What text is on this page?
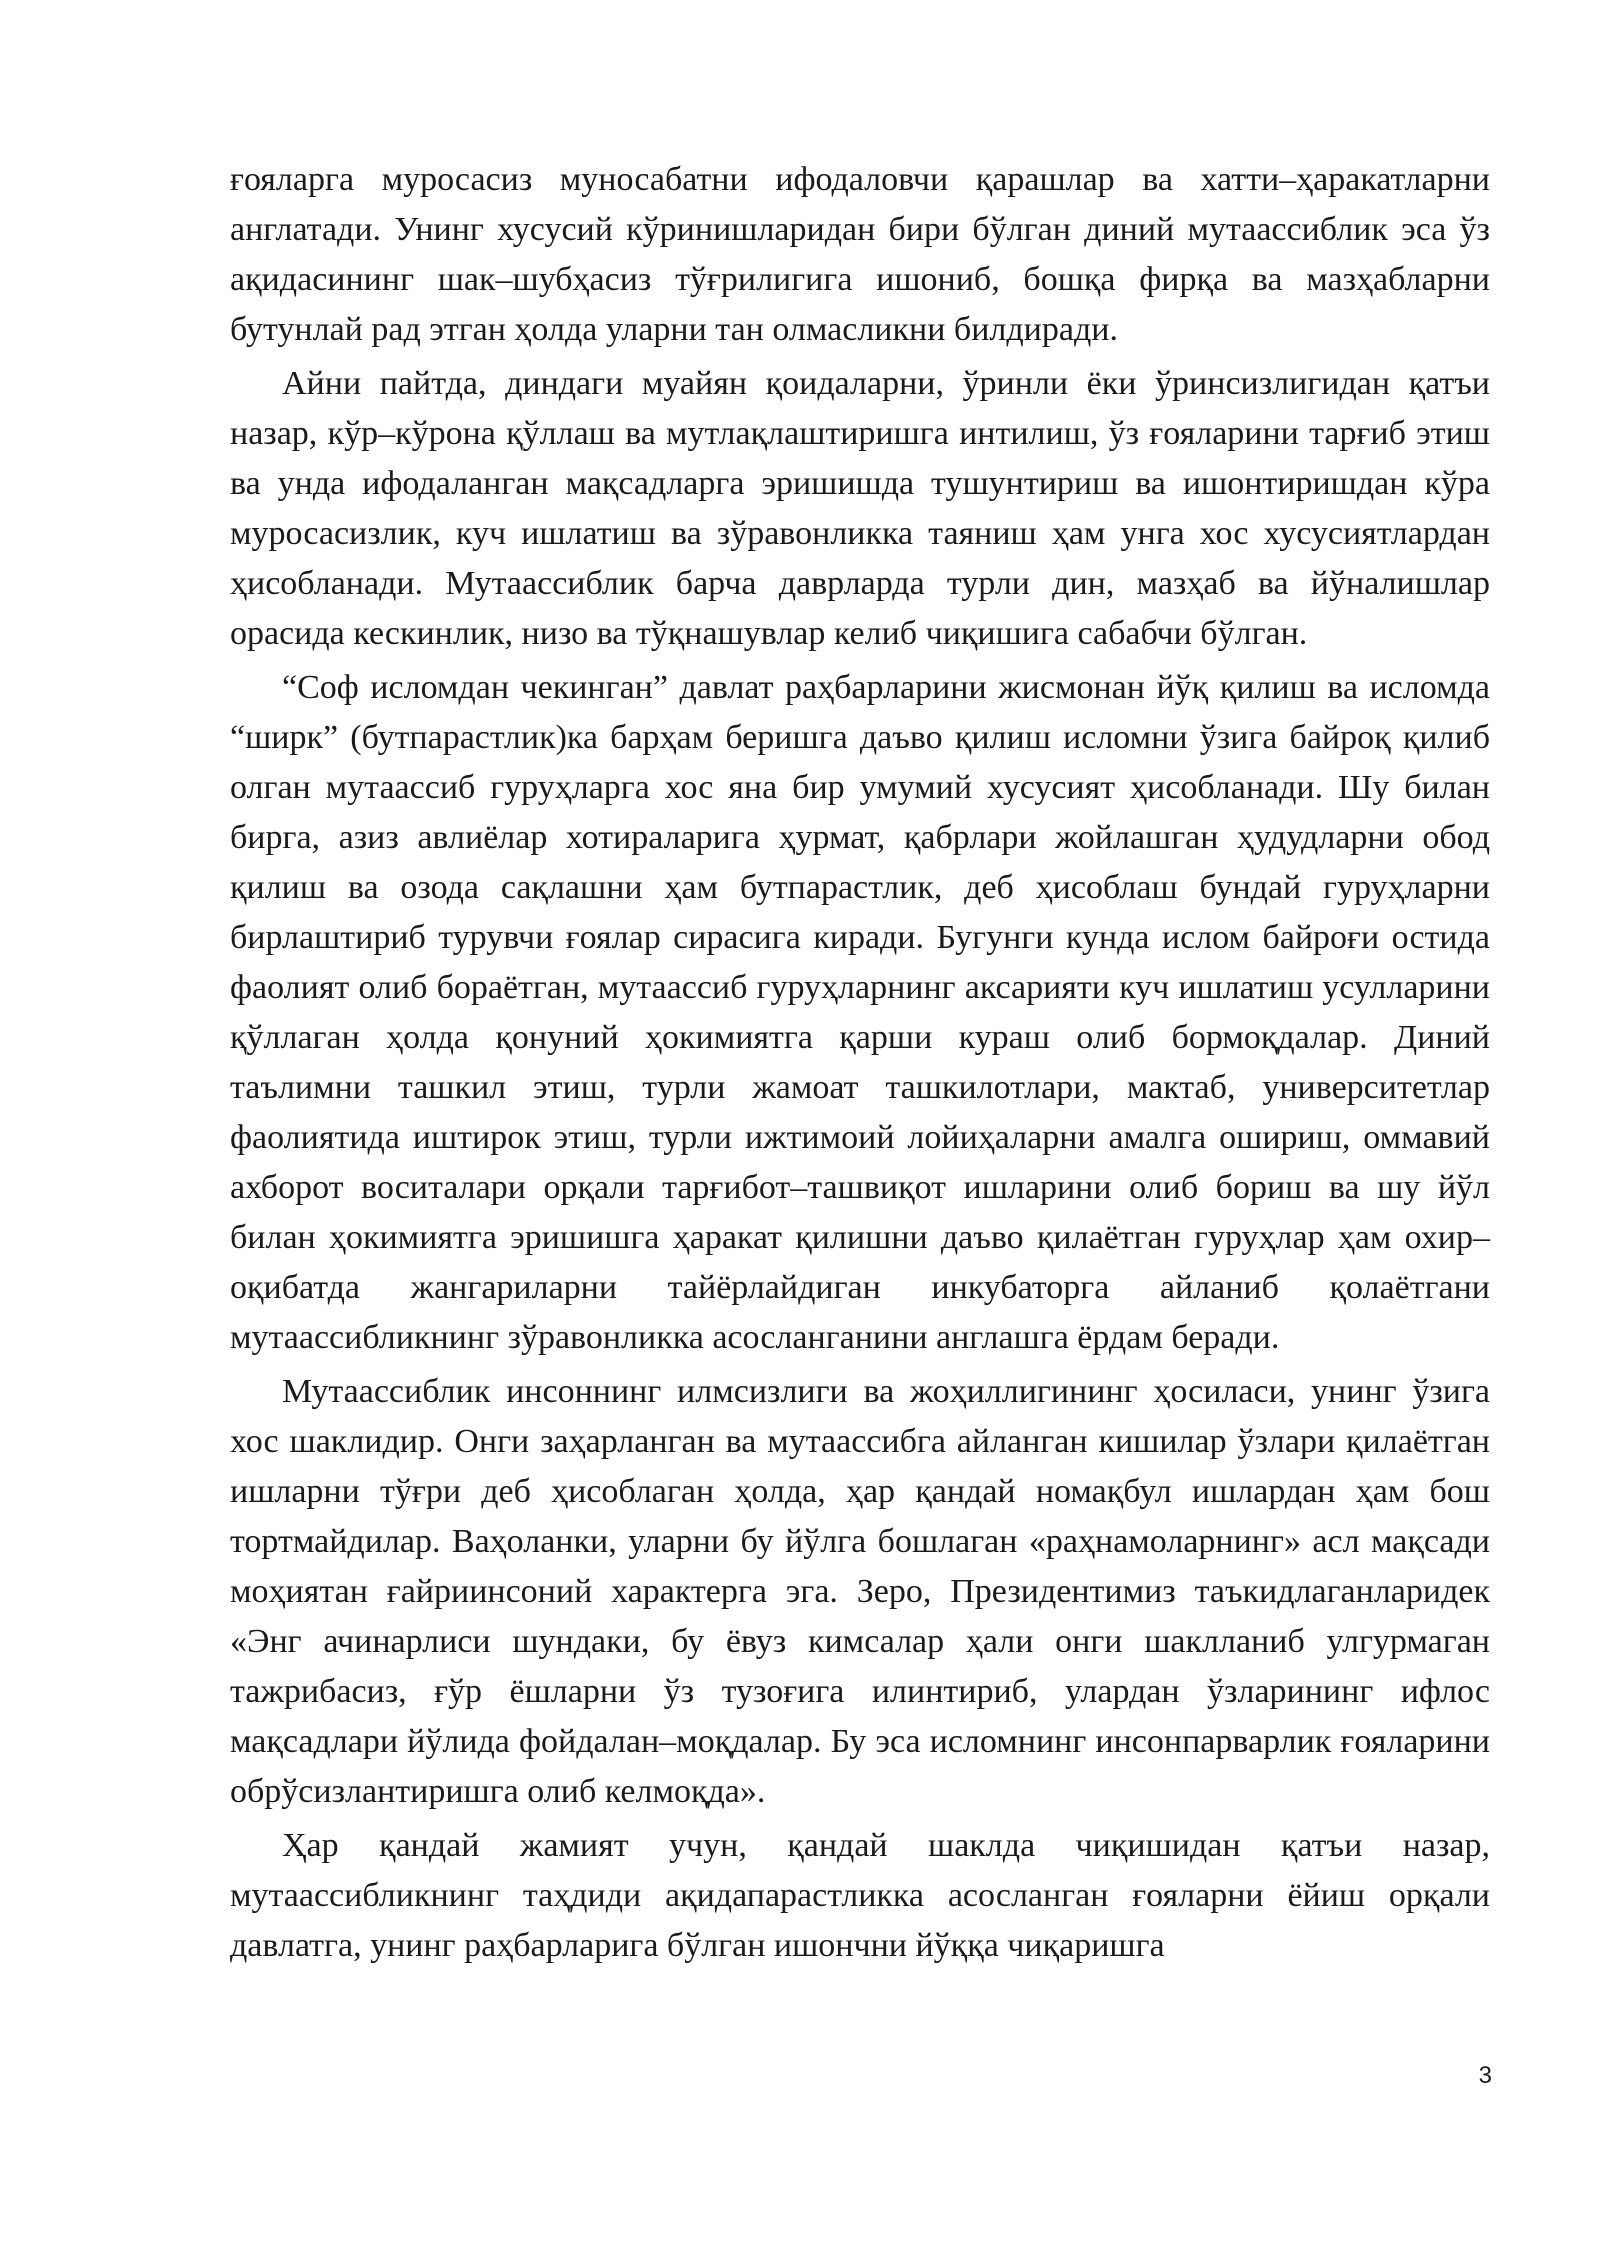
ғояларга муросасиз муносабатни ифодаловчи қарашлар ва хатти–ҳаракатларни англатади. Унинг хусусий кўринишларидан бири бўлган диний мутаассиблик эса ўз ақидасининг шак–шубҳасиз тўғрилигига ишониб, бошқа фирқа ва мазҳабларни бутунлай рад этган ҳолда уларни тан олмасликни билдиради.

Айни пайтда, диндаги муайян қоидаларни, ўринли ёки ўринсизлигидан қатъи назар, кўр–кўрона қўллаш ва мутлақлаштиришга интилиш, ўз ғояларини тарғиб этиш ва унда ифодаланган мақсадларга эришишда тушунтириш ва ишонтиришдан кўра муросасизлик, куч ишлатиш ва зўравонликка таяниш ҳам унга хос хусусиятлардан ҳисобланади. Мутаассиблик барча даврларда турли дин, мазҳаб ва йўналишлар орасида кескинлик, низо ва тўқнашувлар келиб чиқишига сабабчи бўлган.

“Соф исломдан чекинган” давлат раҳбарларини жисмонан йўқ қилиш ва исломда “ширк” (бутпарастлик)ка барҳам беришга даъво қилиш исломни ўзига байроқ қилиб олган мутаассиб гуруҳларга хос яна бир умумий хусусият ҳисобланади. Шу билан бирга, азиз авлиёлар хотираларига ҳурмат, қабрлари жойлашган ҳудудларни обод қилиш ва озода сақлашни ҳам бутпарастлик, деб ҳисоблаш бундай гуруҳларни бирлаштириб турувчи ғоялар сирасига киради. Бугунги кунда ислом байроғи остида фаолият олиб бораётган, мутаассиб гуруҳларнинг аксарияти куч ишлатиш усулларини қўллаган ҳолда қонуний ҳокимиятга қарши кураш олиб бормоқдалар. Диний таълимни ташкил этиш, турли жамоат ташкилотлари, мактаб, университетлар фаолиятида иштирок этиш, турли ижтимоий лойиҳаларни амалга ошириш, оммавий ахборот воситалари орқали тарғибот–ташвиқот ишларини олиб бориш ва шу йўл билан ҳокимиятга эришишга ҳаракат қилишни даъво қилаётган гуруҳлар ҳам охир–оқибатда жангариларни тайёрлайдиган инкубаторга айланиб қолаётгани мутаассибликнинг зўравонликка асосланганини англашга ёрдам беради.

Мутаассиблик инсоннинг илмсизлиги ва жоҳиллигининг ҳосиласи, унинг ўзига хос шаклидир. Онги заҳарланган ва мутаассибга айланган кишилар ўзлари қилаётган ишларни тўғри деб ҳисоблаган ҳолда, ҳар қандай номақбул ишлардан ҳам бош тортмайдилар. Ваҳоланки, уларни бу йўлга бошлаган «раҳнамоларнинг» асл мақсади моҳиятан ғайриинсоний характерга эга. Зеро, Президентимиз таъкидлаганларидек «Энг ачинарлиси шундаки, бу ёвуз кимсалар ҳали онги шаклланиб улгурмаган тажрибасиз, ғўр ёшларни ўз тузоғига илинтириб, улардан ўзларининг ифлос мақсадлари йўлида фойдалан–моқдалар. Бу эса исломнинг инсонпарварлик ғояларини обрўсизлантиришга олиб келмоқда».

Ҳар қандай жамият учун, қандай шаклда чиқишидан қатъи назар, мутаассибликнинг таҳдиди ақидапарастликка асосланган ғояларни ёйиш орқали давлатга, унинг раҳбарларига бўлган ишончни йўққа чиқаришга

3
